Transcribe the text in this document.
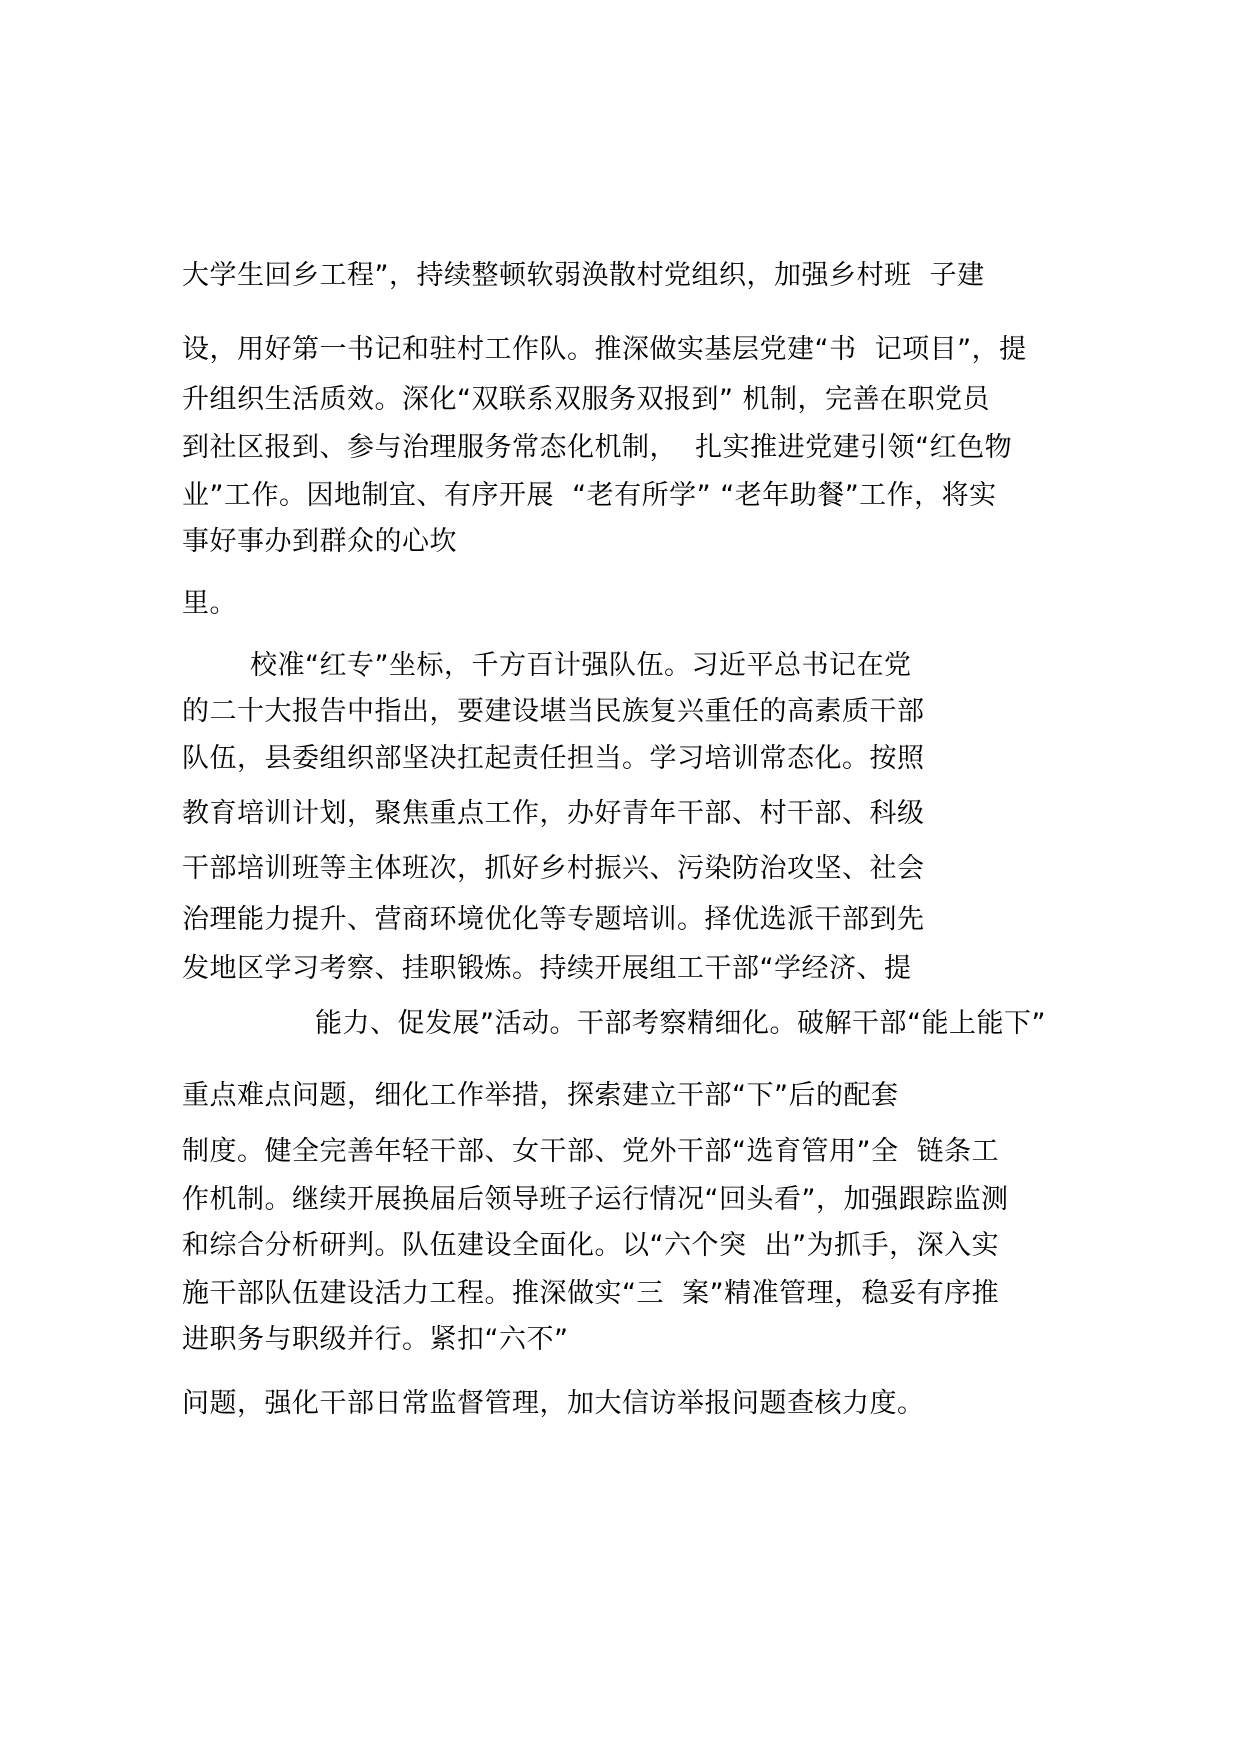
大学生回乡工程”，持续整顿软弱涣散村党组织，加强乡村班  子建
设，用好第一书记和驻村工作队。推深做实基层党建“书  记项目”，提
升组织生活质效。深化“双联系双服务双报到” 机制，完善在职党员
到社区报到、参与治理服务常态化机制，  扎实推进党建引领“红色物
业”工作。因地制宜、有序开展  “老有所学” “老年助餐”工作，将实
事好事办到群众的心坎
里。
校准“红专”坐标，千方百计强队伍。习近平总书记在党
的二十大报告中指出，要建设堪当民族复兴重任的高素质干部
队伍，县委组织部坚决扛起责任担当。学习培训常态化。按照
教育培训计划，聚焦重点工作，办好青年干部、村干部、科级
干部培训班等主体班次，抓好乡村振兴、污染防治攻坚、社会
治理能力提升、营商环境优化等专题培训。择优选派干部到先
发地区学习考察、挂职锻炼。持续开展组工干部“学经济、提
能力、促发展”活动。干部考察精细化。破解干部“能上能下”
重点难点问题，细化工作举措，探索建立干部“下”后的配套
制度。健全完善年轻干部、女干部、党外干部“选育管用”全  链条工
作机制。继续开展换届后领导班子运行情况“回头看”，加强跟踪监测
和综合分析研判。队伍建设全面化。以“六个突  出”为抓手，深入实
施干部队伍建设活力工程。推深做实“三  案”精准管理，稳妥有序推
进职务与职级并行。紧扣“六不”
问题，强化干部日常监督管理，加大信访举报问题查核力度。
